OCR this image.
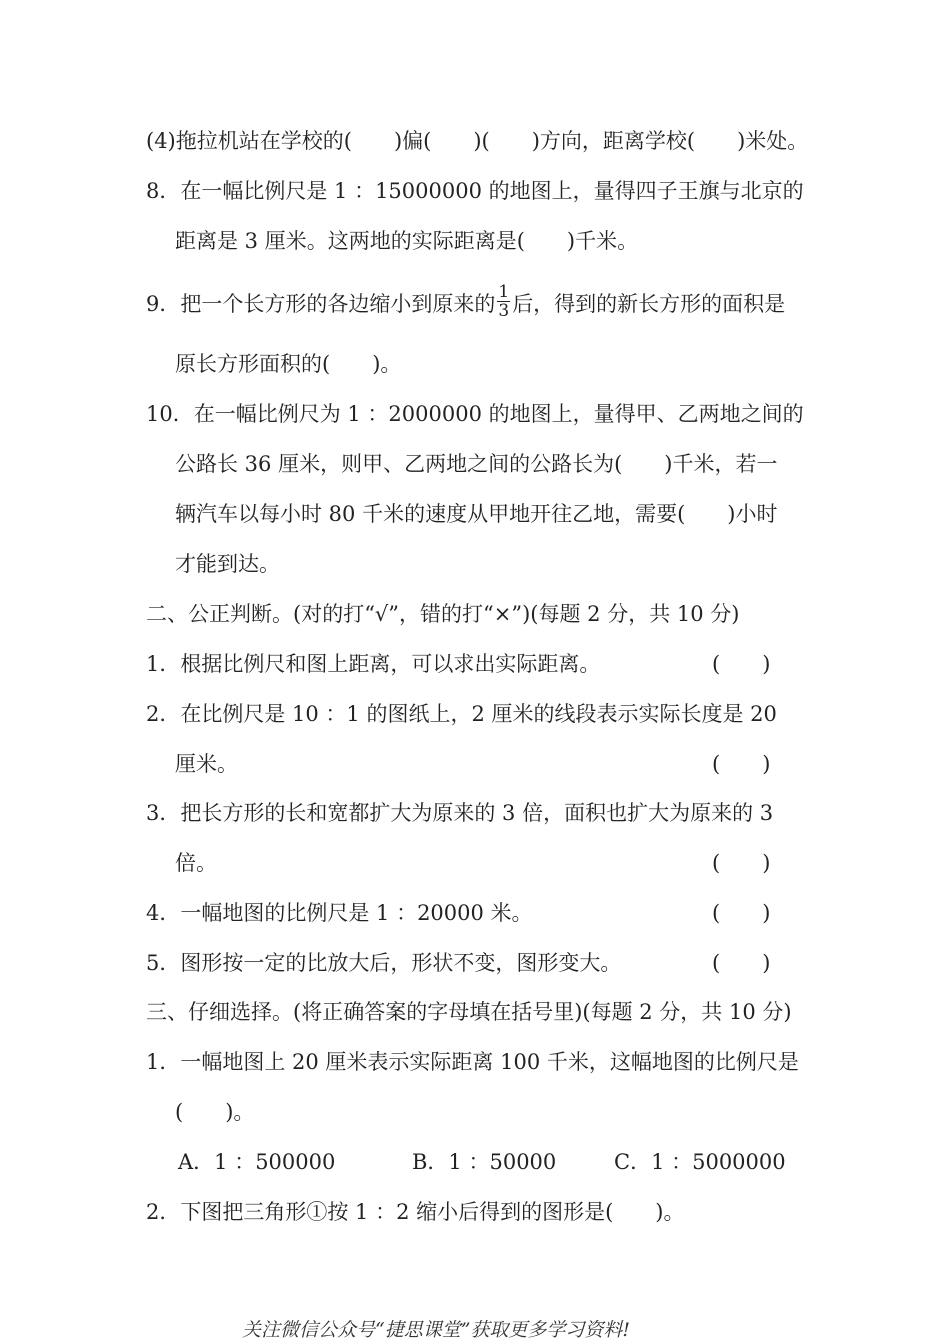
(4)拖拉机站在学校的(　　)偏(　　)(　　)方向，距离学校(　　)米处。
8．在一幅比例尺是 1 ：15000000 的地图上，量得四子王旗与北京的
距离是 3 厘米。这两地的实际距离是(　　)千米。
9．把一个长方形的各边缩小到原来的 $\frac{1}{3}$ 后，得到的新长方形的面积是
原长方形面积的(　　)。
10．在一幅比例尺为 1 ：2000000 的地图上，量得甲、乙两地之间的
公路长 36 厘米，则甲、乙两地之间的公路长为(　　)千米，若一
辆汽车以每小时 80 千米的速度从甲地开往乙地，需要(　　)小时
才能到达。
二、公正判断。(对的打“√”，错的打“×”)(每题 2 分，共 10 分)
1．根据比例尺和图上距离，可以求出实际距离。	(　　)
2．在比例尺是 10 ：1 的图纸上，2 厘米的线段表示实际长度是 20
厘米。	(　　)
3．把长方形的长和宽都扩大为原来的 3 倍，面积也扩大为原来的 3
倍。	(　　)
4．一幅地图的比例尺是 1 ：20000 米。	(　　)
5．图形按一定的比放大后，形状不变，图形变大。	(　　)
三、仔细选择。(将正确答案的字母填在括号里)(每题 2 分，共 10 分)
1．一幅地图上 20 厘米表示实际距离 100 千米，这幅地图的比例尺是
(　　)。
A．1 ：500000	B．1 ：50000	C．1 ：5000000
2．下图把三角形①按 1 ：2 缩小后得到的图形是(　　)。
关注微信公众号“捷思课堂”获取更多学习资料!
